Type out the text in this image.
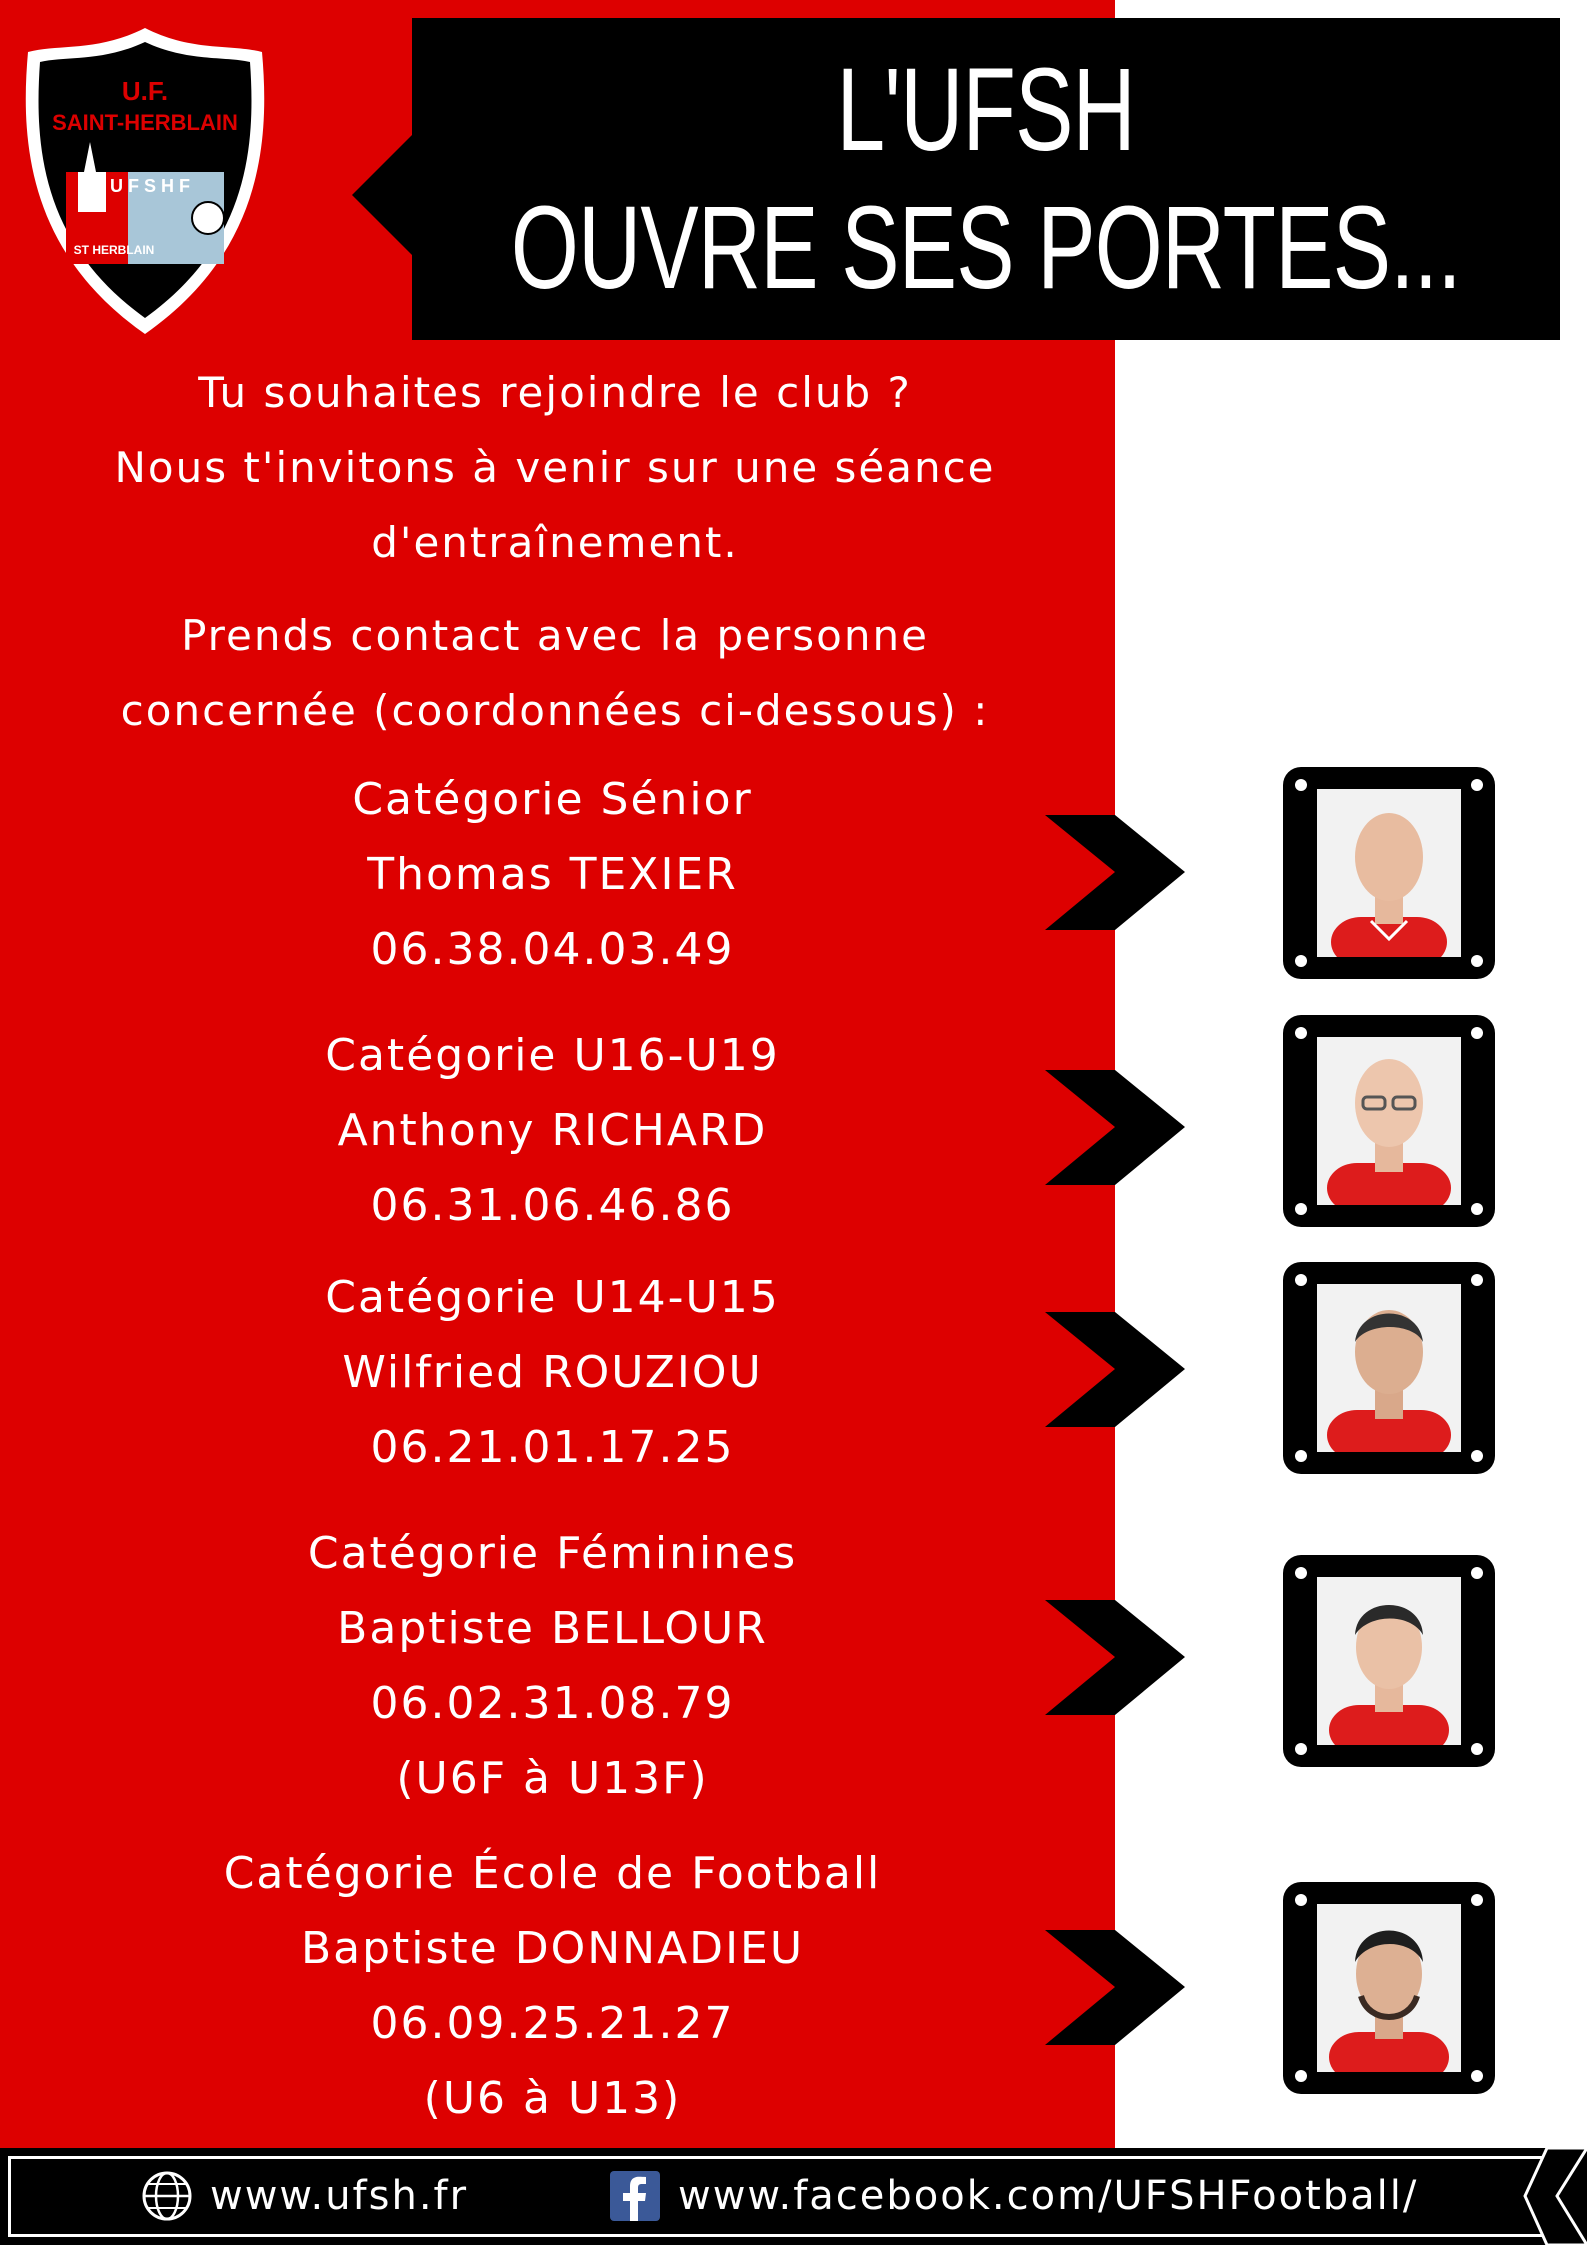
U.F.
SAINT-HERBLAIN
U F S H F
ST HERBLAIN
L'UFSH
OUVRE SES PORTES...

Tu souhaites rejoindre le club ?

Nous t'invitons à venir sur une séance

d'entraînement.

Prends contact avec la personne

concernée (coordonnées ci-dessous) :

Catégorie Sénior
Thomas TEXIER
06.38.04.03.49
Catégorie U16-U19
Anthony RICHARD
06.31.06.46.86
Catégorie U14-U15
Wilfried ROUZIOU
06.21.01.17.25
Catégorie Féminines
Baptiste BELLOUR
06.02.31.08.79
(U6F à U13F)
Catégorie École de Football
Baptiste DONNADIEU
06.09.25.21.27
(U6 à U13)
www.ufsh.fr	www.facebook.com/UFSHFootball/
